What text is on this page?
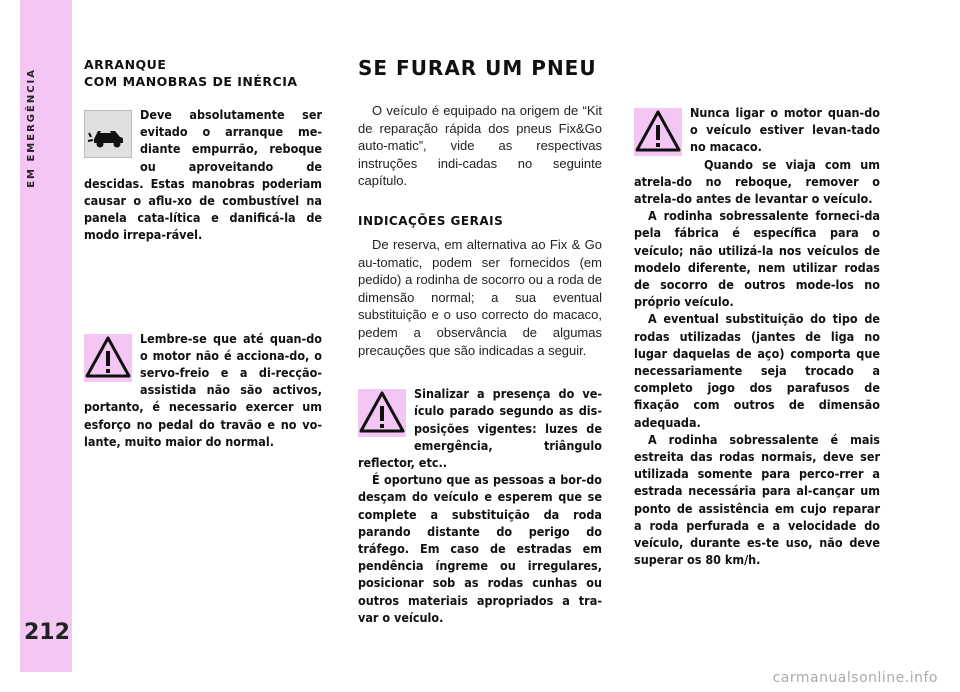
EM EMERGÊNCIA
212
ARRANQUE
COM MANOBRAS DE INÉRCIA

Deve absolutamente ser evitado o arranque me-diante empurrão, reboque ou aproveitando de descidas. Estas manobras poderiam causar o aflu-xo de combustível na panela cata-lítica e danificá-la de modo irrepa-rável.

Lembre-se que até quan-do o motor não é acciona-do, o servo-freio e a di-recção-assistida não são activos, portanto, é necessario exercer um esforço no pedal do travão e no vo-lante, muito maior do normal.

SE FURAR UM PNEU

O veículo é equipado na origem de “Kit de reparação rápida dos pneus Fix&Go auto-matic”, vide as respectivas instruções indi-cadas no seguinte capítulo.

INDICAÇÕES GERAIS

De reserva, em alternativa ao Fix & Go au-tomatic, podem ser fornecidos (em pedido) a rodinha de socorro ou a roda de dimensão normal; a sua eventual substituição e o uso correcto do macaco, pedem a observância de algumas precauções que são indicadas a seguir.

Sinalizar a presença do ve-ículo parado segundo as dis-posições vigentes: luzes de emergência, triângulo reflector, etc..

É oportuno que as pessoas a bor-do desçam do veículo e esperem que se complete a substituição da roda parando distante do perigo do tráfego. Em caso de estradas em pendência íngreme ou irregulares, posicionar sob as rodas cunhas ou outros materiais apropriados a tra-var o veículo.

Nunca ligar o motor quan-do o veículo estiver levan-tado no macaco.

Quando se viaja com um atrela-do no reboque, remover o atrela-do antes de levantar o veículo.

A rodinha sobressalente forneci-da pela fábrica é específica para o veículo; não utilizá-la nos veículos de modelo diferente, nem utilizar rodas de socorro de outros mode-los no próprio veículo.

A eventual substituição do tipo de rodas utilizadas (jantes de liga no lugar daquelas de aço) comporta que necessariamente seja trocado a completo jogo dos parafusos de fixação com outros de dimensão adequada.

A rodinha sobressalente é mais estreita das rodas normais, deve ser utilizada somente para perco-rrer a estrada necessária para al-cançar um ponto de assistência em cujo reparar a roda perfurada e a velocidade do veículo, durante es-te uso, não deve superar os 80 km/h.

carmanualsonline.info
